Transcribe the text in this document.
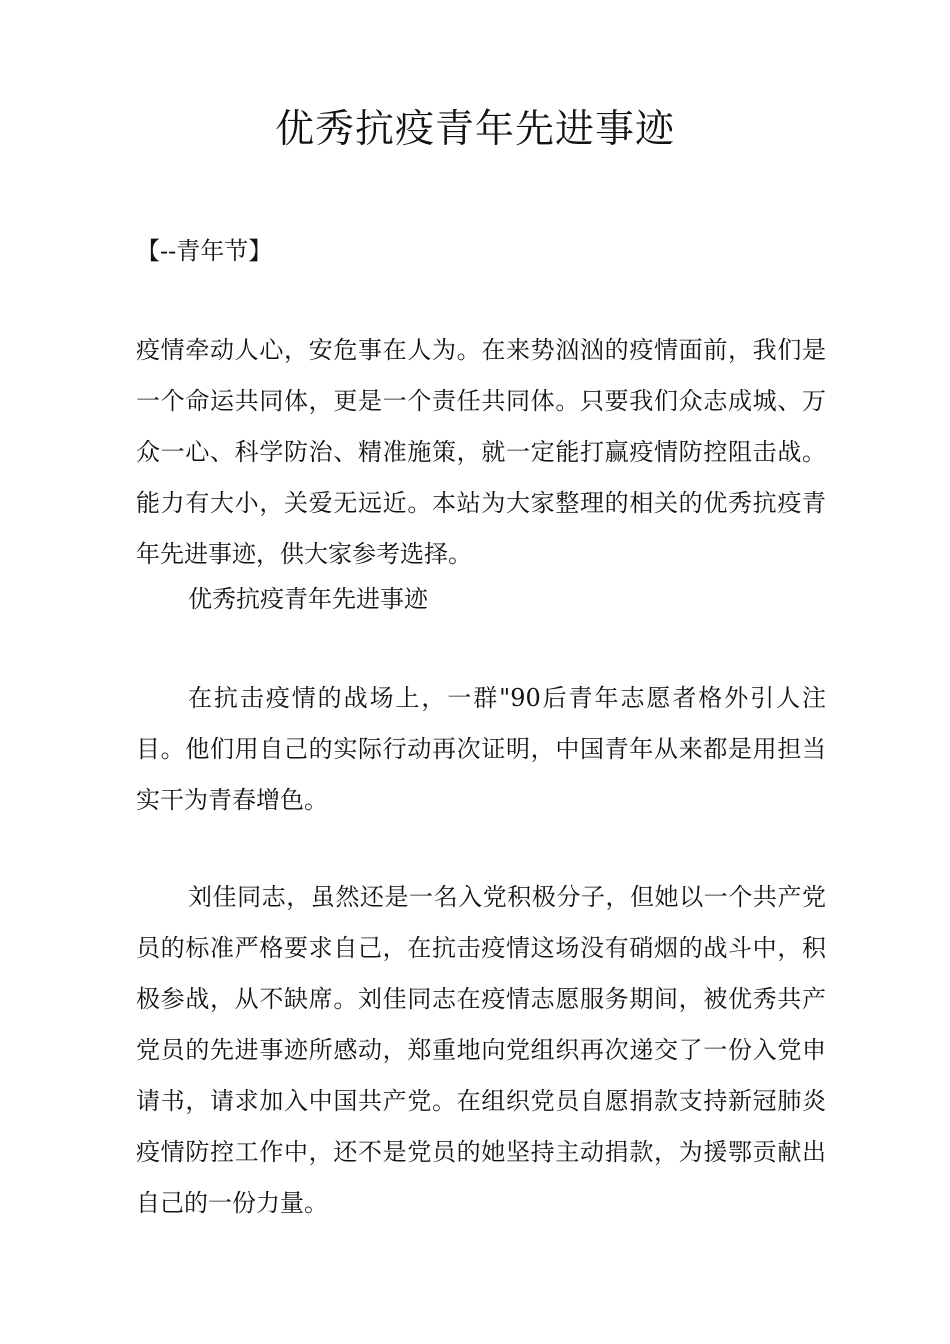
优秀抗疫青年先进事迹

【--青年节】

疫情牵动人心，安危事在人为。在来势汹汹的疫情面前，我们是一个命运共同体，更是一个责任共同体。只要我们众志成城、万众一心、科学防治、精准施策，就一定能打赢疫情防控阻击战。能力有大小，关爱无远近。本站为大家整理的相关的优秀抗疫青年先进事迹，供大家参考选择。

优秀抗疫青年先进事迹

在抗击疫情的战场上，一群"90后青年志愿者格外引人注目。他们用自己的实际行动再次证明，中国青年从来都是用担当实干为青春增色。

刘佳同志，虽然还是一名入党积极分子，但她以一个共产党员的标准严格要求自己，在抗击疫情这场没有硝烟的战斗中，积极参战，从不缺席。刘佳同志在疫情志愿服务期间，被优秀共产党员的先进事迹所感动，郑重地向党组织再次递交了一份入党申请书，请求加入中国共产党。在组织党员自愿捐款支持新冠肺炎疫情防控工作中，还不是党员的她坚持主动捐款，为援鄂贡献出自己的一份力量。
